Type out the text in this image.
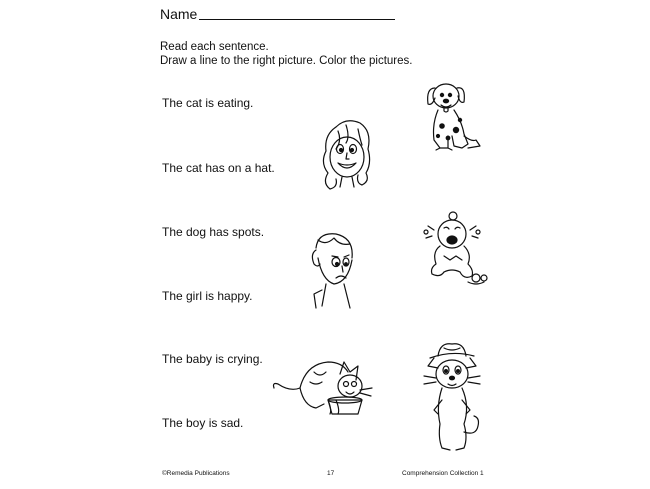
Name
Read each sentence.
Draw a line to the right picture. Color the pictures.
The cat is eating.
The cat has on a hat.
The dog has spots.
The girl is happy.
The baby is crying.
The boy is sad.
©Remedia Publications	17	Comprehension Collection 1
